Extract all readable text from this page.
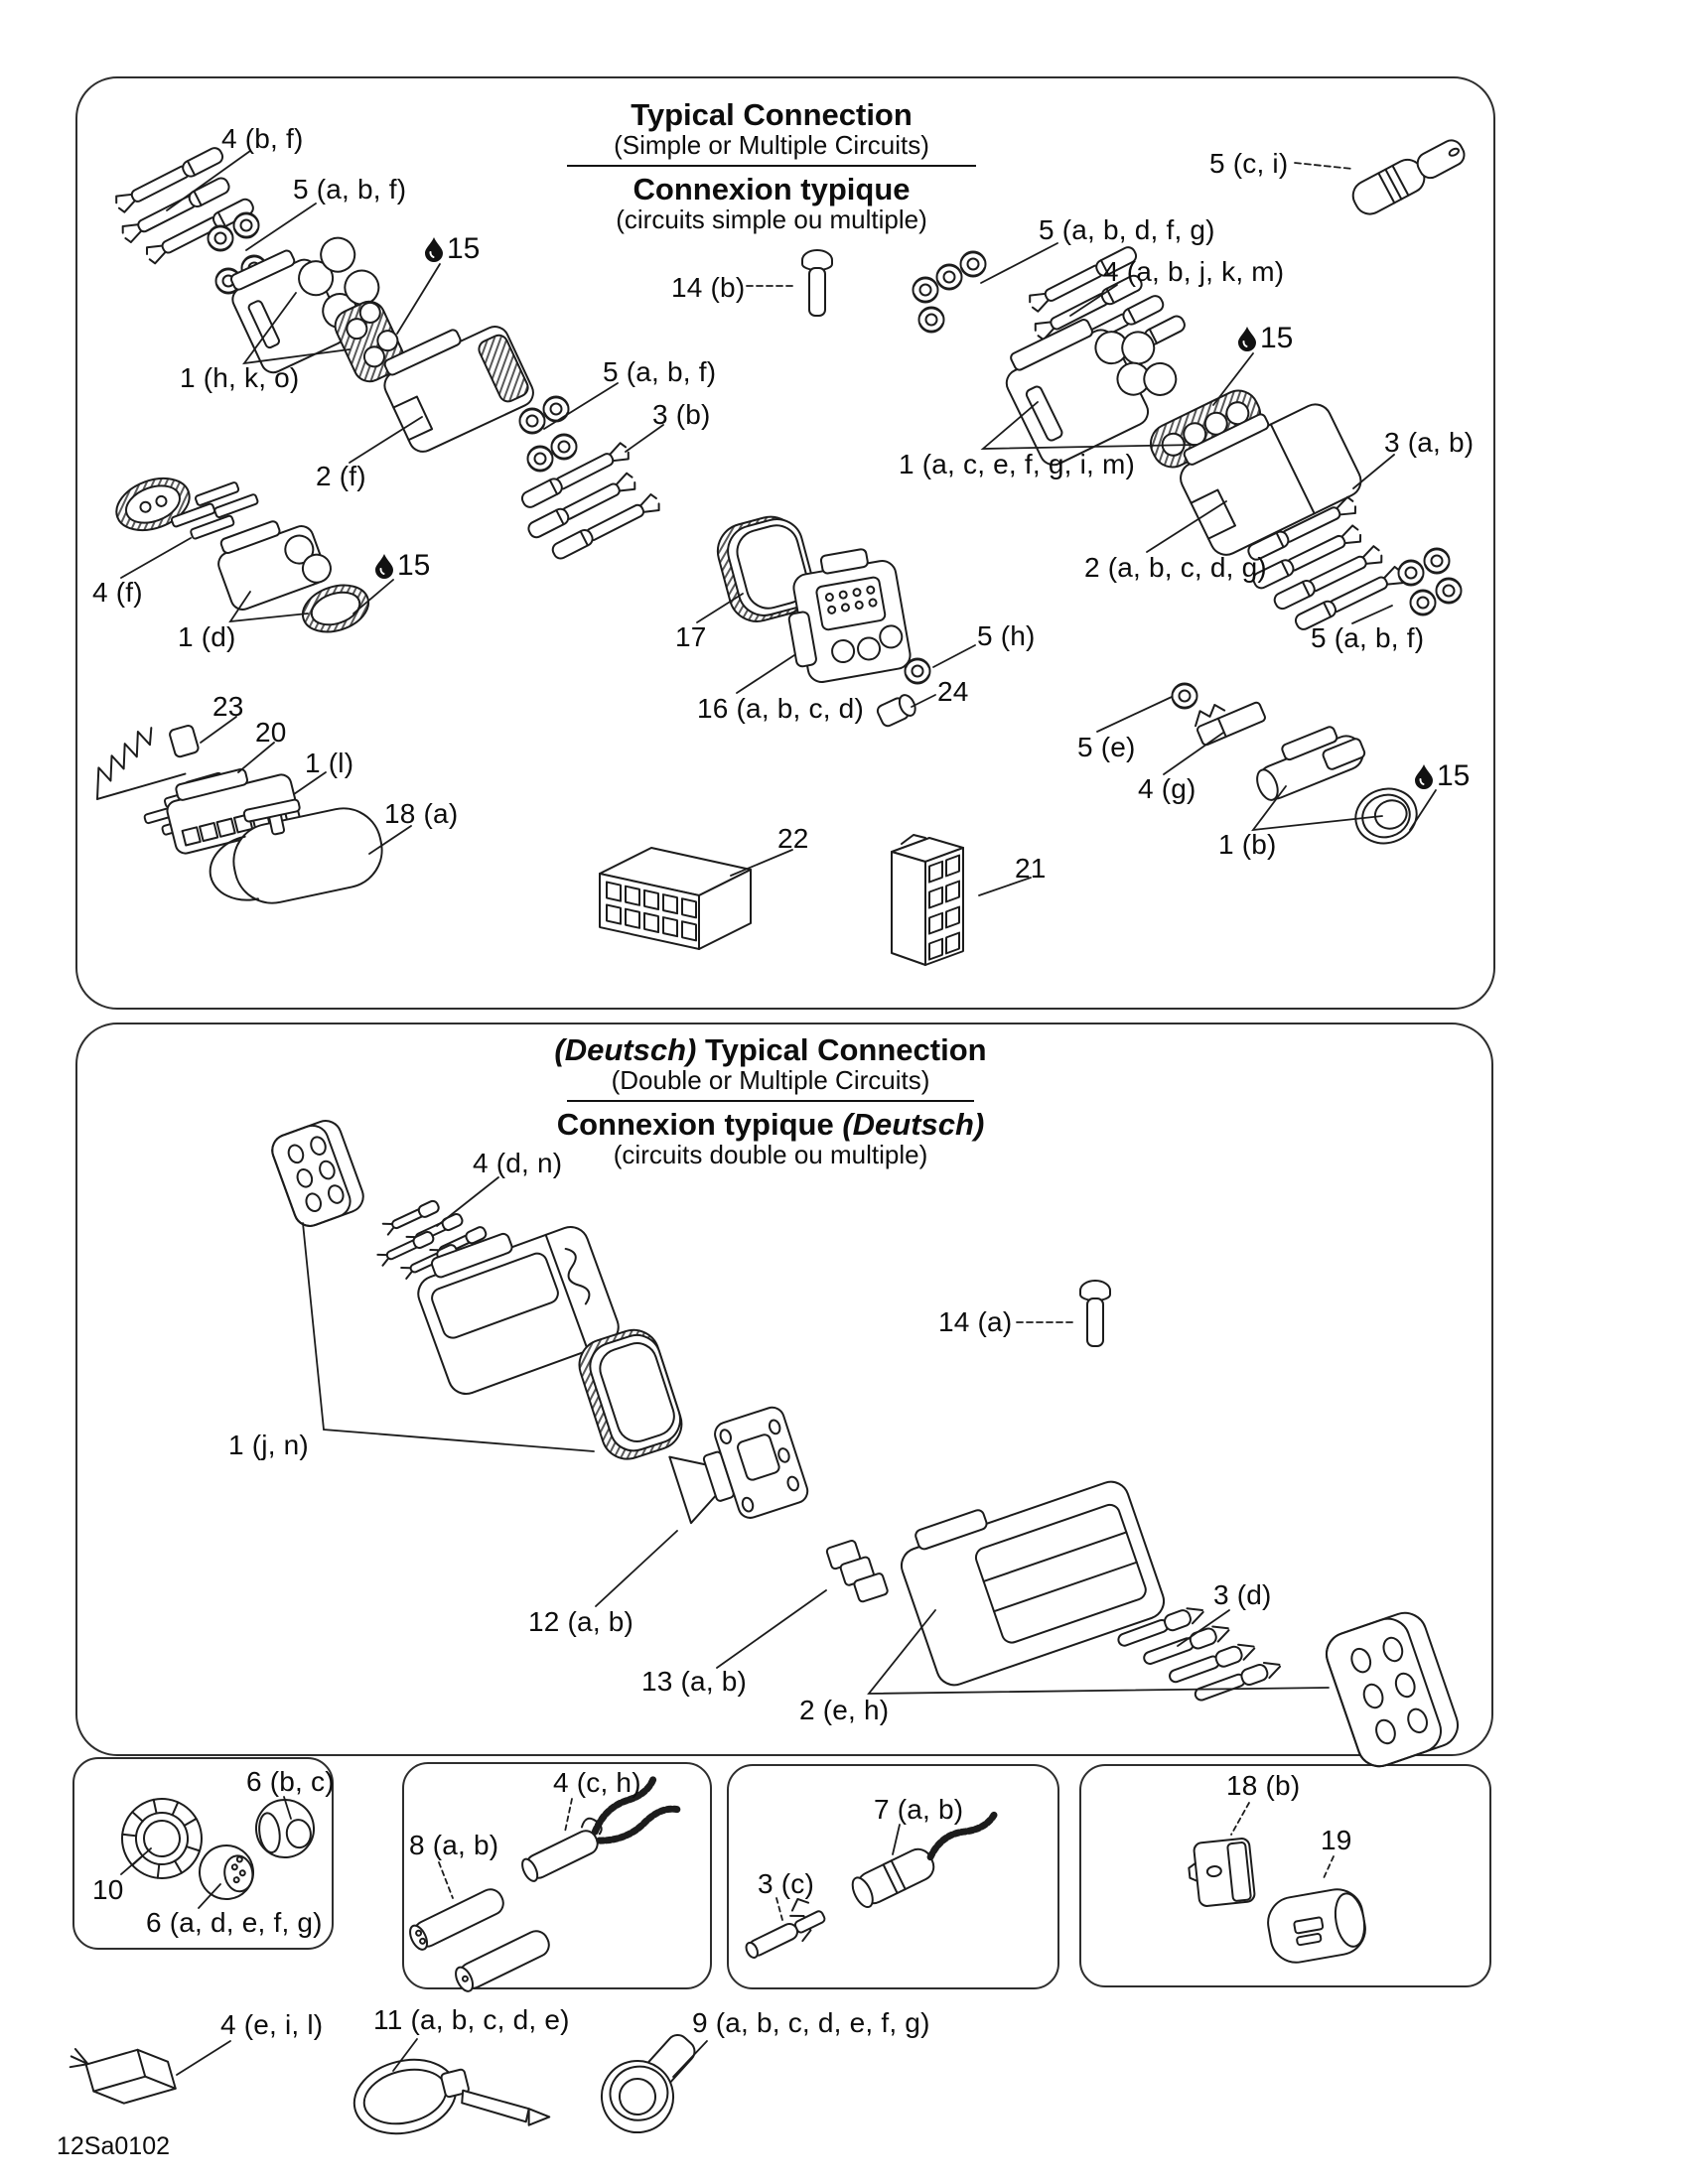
Typical Connection
(Simple or Multiple Circuits)
Connexion typique
(circuits simple ou multiple)
(Deutsch) Typical Connection
(Double or Multiple Circuits)
Connexion typique (Deutsch)
(circuits double ou multiple)
4 (b, f)
5 (a, b, f)
1 (h, k, o)
2 (f)
5 (a, b, f)
3 (b)
14 (b)
5 (c, i)
5 (a, b, d, f, g)
4 (a, b, j, k, m)
1 (a, c, e, f, g, i, m)
3 (a, b)
2 (a, b, c, d, g)
5 (a, b, f)
4 (f)
1 (d)	17
16 (a, b, c, d)
5 (h)
24
5 (e)
4 (g)
1 (b)
23
20
1 (l)
18 (a)
22
21
15
15
15
15
4 (d, n)
1 (j, n)
12 (a, b)
13 (a, b)
14 (a)
3 (d)
2 (e, h)
6 (b, c)
10
6 (a, d, e, f, g)
4 (c, h)
8 (a, b)
7 (a, b)
3 (c)
18 (b)
19
4 (e, i, l) 11 (a, b, c, d, e)	9 (a, b, c, d, e, f, g)
12Sa0102
